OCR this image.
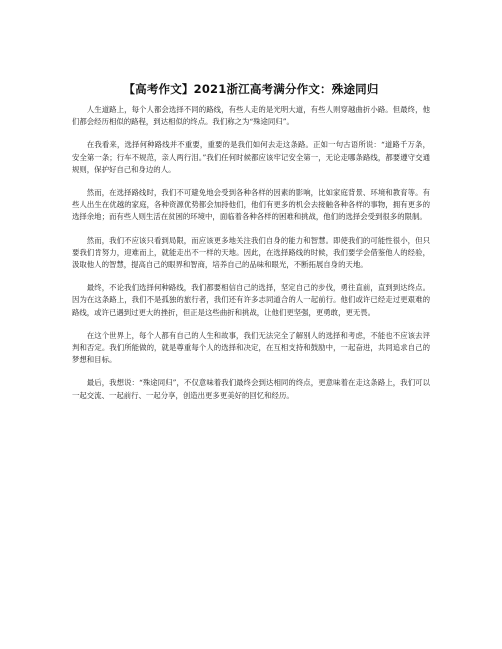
【高考作文】2021浙江高考满分作文：殊途同归

人生道路上，每个人都会选择不同的路线，有些人走的是光明大道，有些人则穿越曲折小路。但最终，他们都会经历相似的路程，到达相似的终点。我们称之为“殊途同归”。

在我看来，选择何种路线并不重要，重要的是我们如何去走这条路。正如一句古语所说：“道路千万条，安全第一条；行车不规范，亲人两行泪。”我们任何时候都应该牢记安全第一，无论走哪条路线，都要遵守交通规则，保护好自己和身边的人。

然而，在选择路线时，我们不可避免地会受到各种各样的因素的影响，比如家庭背景、环境和教育等。有些人出生在优越的家庭，各种资源优势都会加持他们，他们有更多的机会去接触各种各样的事物，拥有更多的选择余地；而有些人则生活在贫困的环境中，面临着各种各样的困难和挑战，他们的选择会受到很多的限制。

然而，我们不应该只看到局限，而应该更多地关注我们自身的能力和智慧。即使我们的可能性很小，但只要我们肯努力，迎难而上，就能走出不一样的天地。因此，在选择路线的时候，我们要学会借鉴他人的经验，汲取他人的智慧，提高自己的眼界和智商，培养自己的品味和眼光，不断拓展自身的天地。

最终，不论我们选择何种路线，我们都要相信自己的选择，坚定自己的步伐，勇往直前，直到到达终点。因为在这条路上，我们不是孤独的旅行者，我们还有许多志同道合的人一起前行。他们或许已经走过更艰难的路线，或许已遇到过更大的挫折，但正是这些曲折和挑战，让他们更坚强，更勇敢，更无畏。

在这个世界上，每个人都有自己的人生和故事，我们无法完全了解别人的选择和考虑，不能也不应该去评判和否定。我们所能做的，就是尊重每个人的选择和决定，在互相支持和鼓励中，一起奋进，共同追求自己的梦想和目标。

最后，我想说：“殊途同归”，不仅意味着我们最终会到达相同的终点，更意味着在走这条路上，我们可以一起交流、一起前行、一起分享，创造出更多更美好的回忆和经历。
